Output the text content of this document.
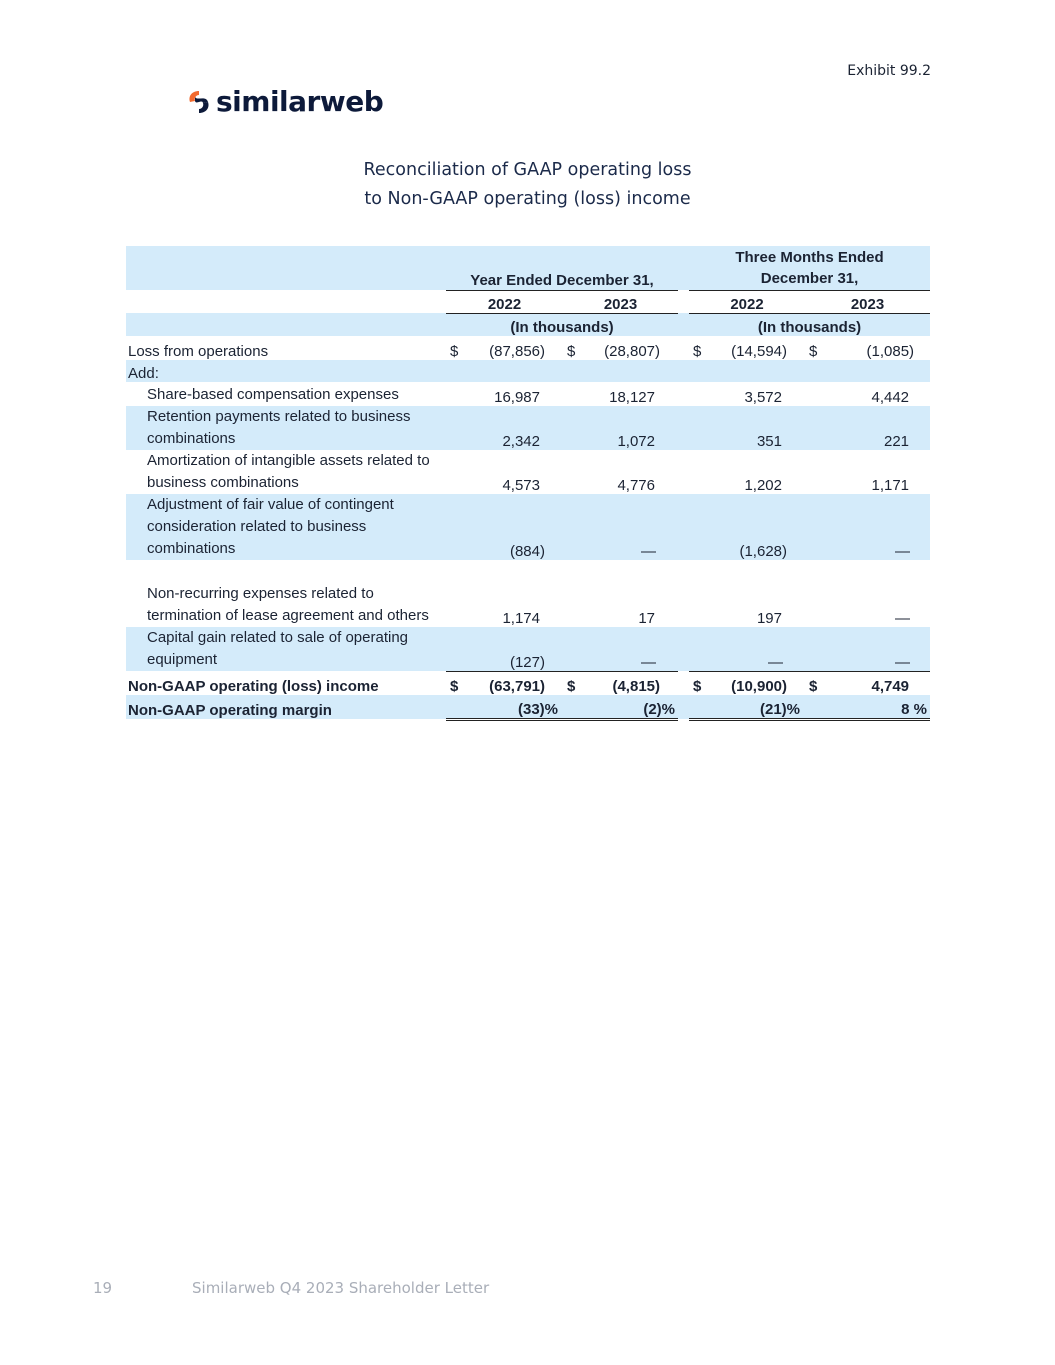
Exhibit 99.2
similarweb
Reconciliation of GAAP operating loss
to Non-GAAP operating (loss) income
	Year Ended December 31,					Three Months Ended
December 31,			

	2022		2023			2022		2023	
	(In thousands)					(In thousands)			
Loss from operations	$	(87,856)	$	(28,807)		$	(14,594)	$	(1,085)
Add:									
Share-based compensation expenses	16,987		18,127			3,572		4,442	
Retention payments related to business combinations	2,342		1,072			351		221	
Amortization of intangible assets related to business combinations	4,573		4,776			1,202		1,171	
Adjustment of fair value of contingent consideration related to business combinations	(884)		—			(1,628)		—	
Non-recurring expenses related to termination of lease agreement and others	1,174		17			197		—	
Capital gain related to sale of operating equipment	(127)		—			—		—	
Non-GAAP operating (loss) income	$	(63,791)	$	(4,815)		$	(10,900)	$	4,749
Non-GAAP operating margin	(33)%		(2)%			(21)%		8 %	
19	Similarweb Q4 2023 Shareholder Letter
